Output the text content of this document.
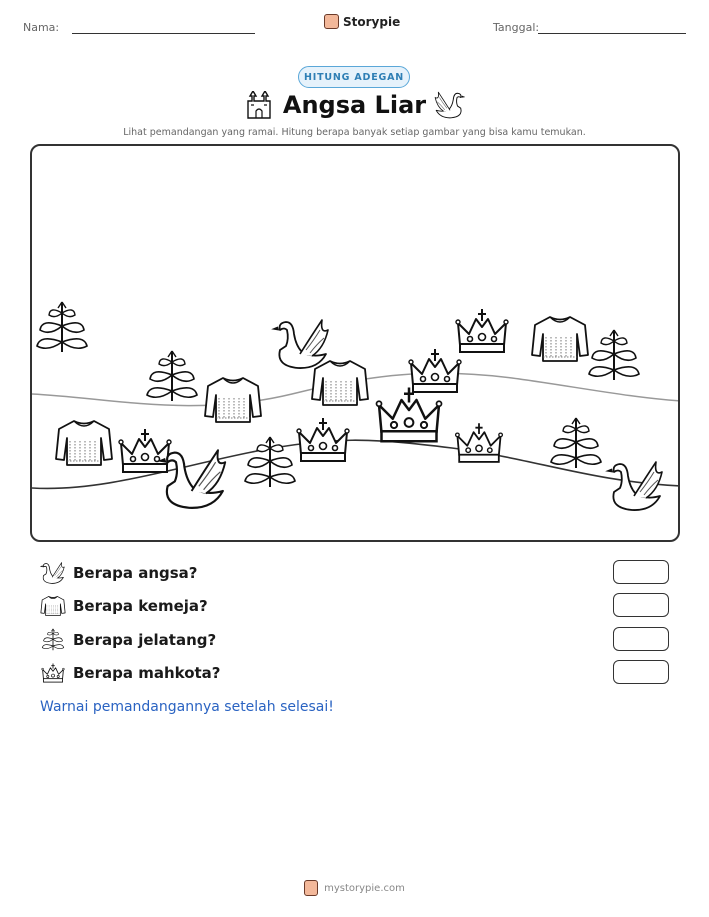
Nama:	Storypie	Tanggal:
HITUNG ADEGAN
Angsa Liar
Lihat pemandangan yang ramai. Hitung berapa banyak setiap gambar yang bisa kamu temukan.
Berapa angsa?
Berapa kemeja?
Berapa jelatang?
Berapa mahkota?
Warnai pemandangannya setelah selesai!
mystorypie.com
